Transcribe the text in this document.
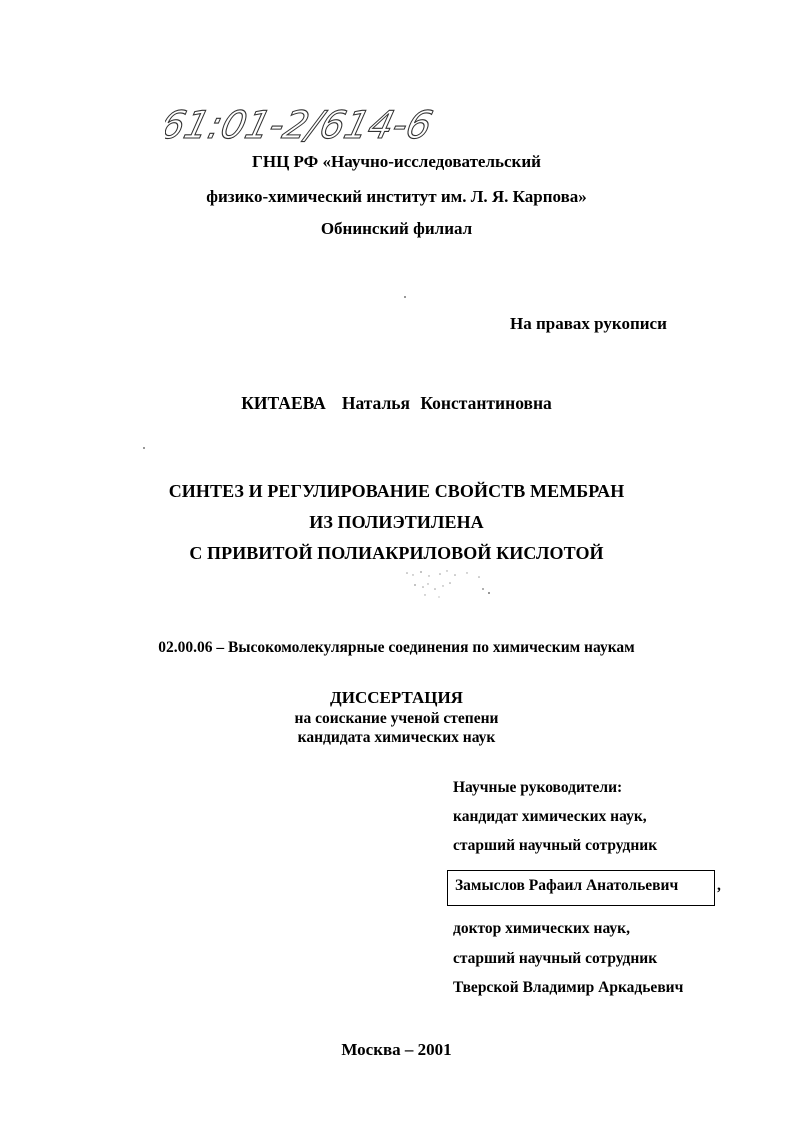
61:01-2/614-6
ГНЦ РФ «Научно-исследовательский
физико-химический институт им. Л. Я. Карпова»
Обнинский филиал
На правах рукописи
КИТАЕВА Наталья Константиновна
СИНТЕЗ И РЕГУЛИРОВАНИЕ СВОЙСТВ МЕМБРАН
ИЗ ПОЛИЭТИЛЕНА
С ПРИВИТОЙ ПОЛИАКРИЛОВОЙ КИСЛОТОЙ
02.00.06 – Высокомолекулярные соединения по химическим наукам
ДИССЕРТАЦИЯ
на соискание ученой степени
кандидата химических наук
Научные руководители:
кандидат химических наук,
старший научный сотрудник
Замыслов Рафаил Анатольевич	,
доктор химических наук,
старший научный сотрудник
Тверской Владимир Аркадьевич
Москва – 2001
